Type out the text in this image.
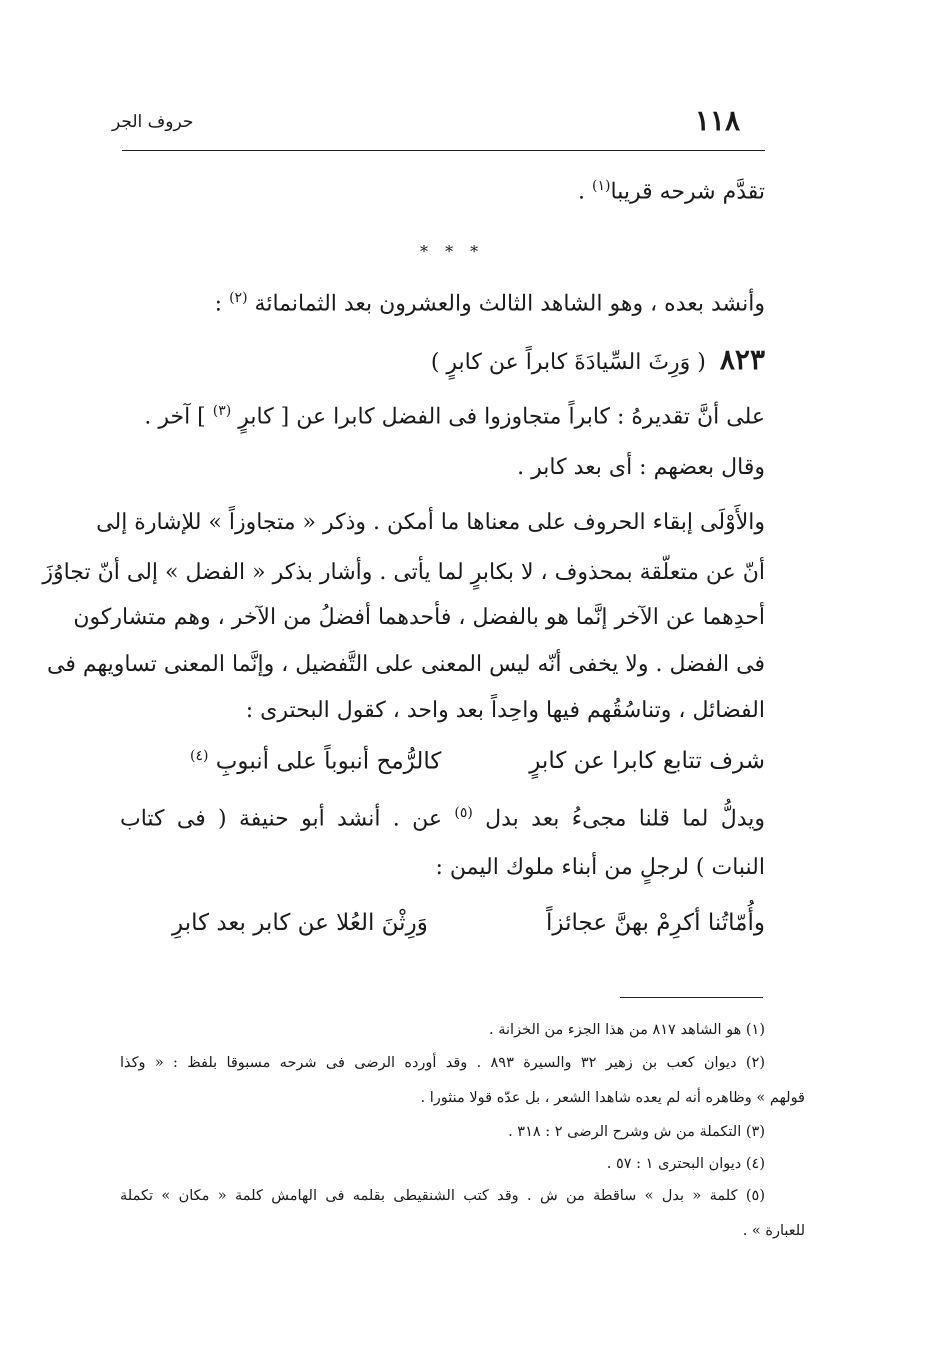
١١٨
حروف الجر
تقدَّم شرحه قريبا$^{(١)}$ .
* * *
وأنشد بعده ، وهو الشاهد الثالث والعشرون بعد الثمانمائة $^{(٢)}$ :
٨٢٣( وَرِثَ السِّيادَةَ كابراً عن كابرٍ )
على أنَّ تقديرهُ : كابراً متجاوزوا فى الفضل كابرا عن [ كابرٍ $^{(٣)}$ ] آخر .
وقال بعضهم : أى بعد كابر .
والأَوْلَى إبقاء الحروف على معناها ما أمكن . وذكر « متجاوزاً » للإشارة إلى
أنّ عن متعلّقة بمحذوف ، لا بكابرٍ لما يأتى . وأشار بذكر « الفضل » إلى أنّ تجاوُزَ
أحدِهما عن الآخر إنَّما هو بالفضل ، فأحدهما أفضلُ من الآخر ، وهم متشاركون
فى الفضل . ولا يخفى أنّه ليس المعنى على التَّفضيل ، وإنَّما المعنى تساويهم فى
الفضائل ، وتناسُقُهم فيها واحِداً بعد واحد ، كقول البحترى :
شرف تتابع كابرا عن كابرٍ
كالرُّمح أنبوباً على أنبوبِ $^{(٤)}$
ويدلُّ لما قلنا مجىءُ بعد بدل $^{(٥)}$ عن . أنشد أبو حنيفة ( فى كتاب
النبات ) لرجلٍ من أبناء ملوك اليمن :
وأُمّاتُنا أكرِمْ بهنَّ عجائزاً
وَرِثْنَ العُلا عن كابر بعد كابرِ
(١) هو الشاهد ٨١٧ من هذا الجزء من الخزانة .
(٢) ديوان كعب بن زهير ٣٢ والسيرة ٨٩٣ . وقد أورده الرضى فى شرحه مسبوقا بلفظ : « وكذا
قولهم » وظاهره أنه لم يعده شاهدا الشعر ، بل عدّه قولا منثورا .
(٣) التكملة من ش وشرح الرضى ٢ : ٣١٨ .
(٤) ديوان البحترى ١ : ٥٧ .
(٥) كلمة « بدل » ساقطة من ش . وقد كتب الشنقيطى بقلمه فى الهامش كلمة « مكان » تكملة
للعبارة » .
